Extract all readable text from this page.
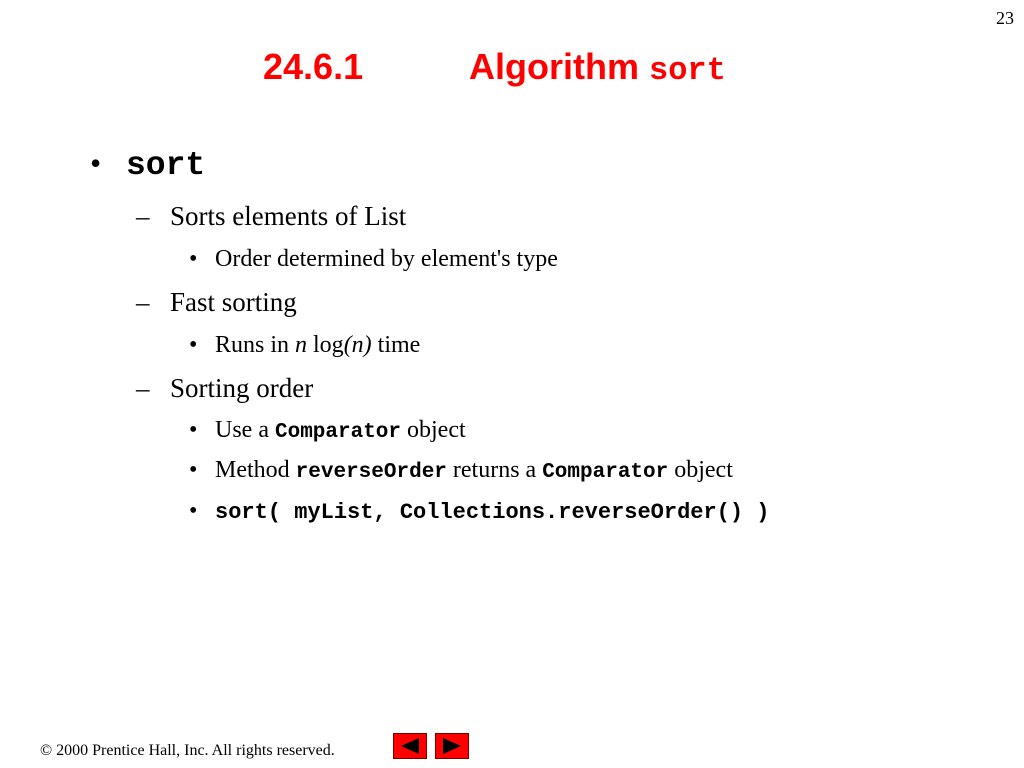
23
24.6.1	Algorithm sort
• sort
– Sorts elements of List
• Order determined by element's type
– Fast sorting
• Runs in n log(n) time
– Sorting order
• Use a Comparator object
• Method reverseOrder returns a Comparator object
• sort( myList, Collections.reverseOrder() )
© 2000 Prentice Hall, Inc. All rights reserved.
